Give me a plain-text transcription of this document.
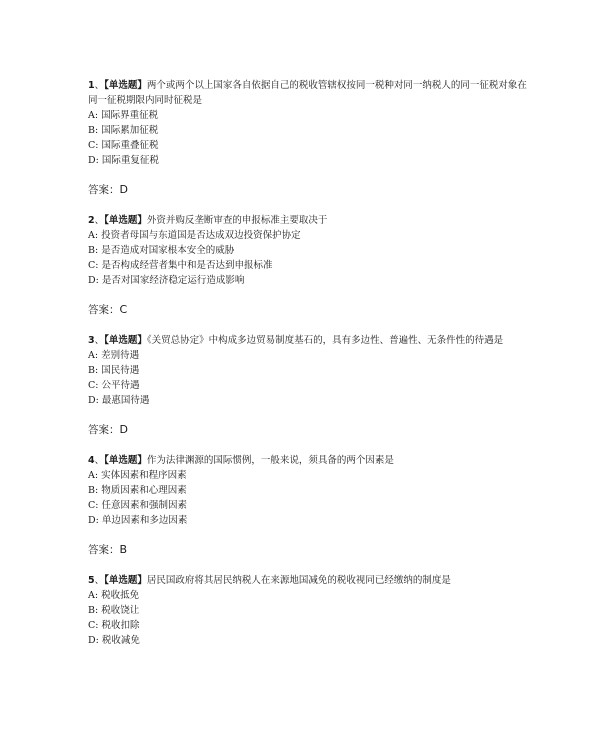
1、【单选题】两个或两个以上国家各自依据自己的税收管辖权按同一税种对同一纳税人的同一征税对象在同一征税期限内同时征税是

A: 国际界重征税
B: 国际累加征税
C: 国际重叠征税
D: 国际重复征税
答案：D

2、【单选题】外资并购反垄断审查的申报标准主要取决于

A: 投资者母国与东道国是否达成双边投资保护协定
B: 是否造成对国家根本安全的威胁
C: 是否构成经营者集中和是否达到申报标准
D: 是否对国家经济稳定运行造成影响
答案：C

3、【单选题】《关贸总协定》中构成多边贸易制度基石的，具有多边性、普遍性、无条件性的待遇是

A: 差别待遇
B: 国民待遇
C: 公平待遇
D: 最惠国待遇
答案：D

4、【单选题】作为法律渊源的国际惯例，一般来说，须具备的两个因素是

A: 实体因素和程序因素
B: 物质因素和心理因素
C: 任意因素和强制因素
D: 单边因素和多边因素
答案：B

5、【单选题】居民国政府将其居民纳税人在来源地国减免的税收视同已经缴纳的制度是

A: 税收抵免
B: 税收饶让
C: 税收扣除
D: 税收减免
